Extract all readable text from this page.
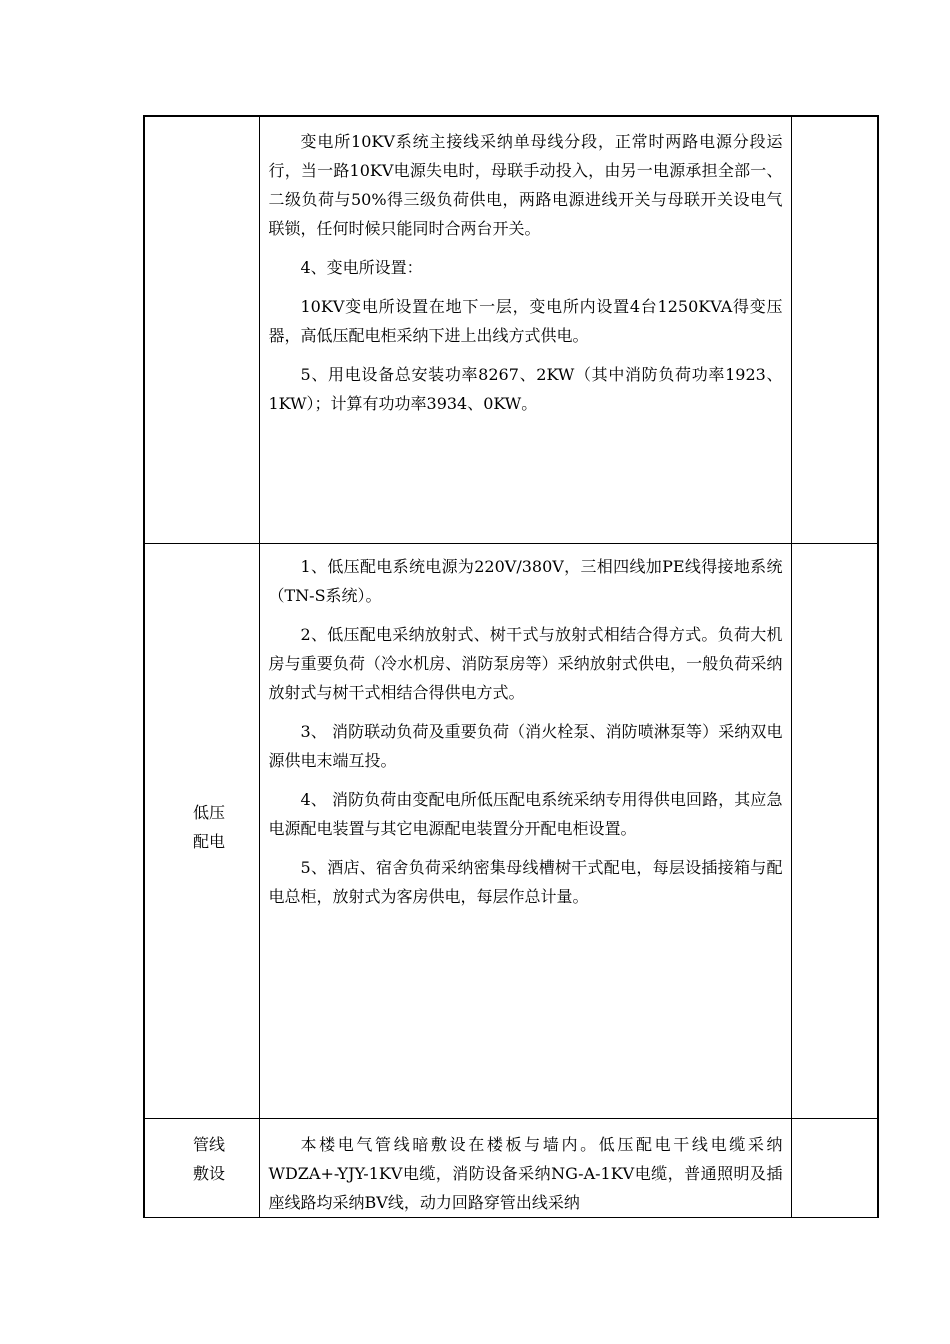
	变电所10KV系统主接线采纳单母线分段，正常时两路电源分段运行，当一路10KV电源失电时，母联手动投入，由另一电源承担全部一、二级负荷与50%得三级负荷供电，两路电源进线开关与母联开关设电气联锁，任何时候只能同时合两台开关。

4、变电所设置：

10KV变电所设置在地下一层，变电所内设置4台1250KVA得变压器，高低压配电柜采纳下进上出线方式供电。

5、用电设备总安装功率8267、2KW（其中消防负荷功率1923、1KW）；计算有功功率3934、0KW。	

低压配电	1、低压配电系统电源为220V/380V，三相四线加PE线得接地系统（TN-S系统）。

2、低压配电采纳放射式、树干式与放射式相结合得方式。负荷大机房与重要负荷（冷水机房、消防泵房等）采纳放射式供电，一般负荷采纳放射式与树干式相结合得供电方式。

3、 消防联动负荷及重要负荷（消火栓泵、消防喷淋泵等）采纳双电源供电末端互投。

4、 消防负荷由变配电所低压配电系统采纳专用得供电回路，其应急电源配电装置与其它电源配电装置分开配电柜设置。

5、酒店、宿舍负荷采纳密集母线槽树干式配电，每层设插接箱与配电总柜，放射式为客房供电，每层作总计量。	

管线敷设	本楼电气管线暗敷设在楼板与墙内。低压配电干线电缆采纳WDZA+-YJY-1KV电缆，消防设备采纳NG-A-1KV电缆，普通照明及插座线路均采纳BV线，动力回路穿管出线采纳	
